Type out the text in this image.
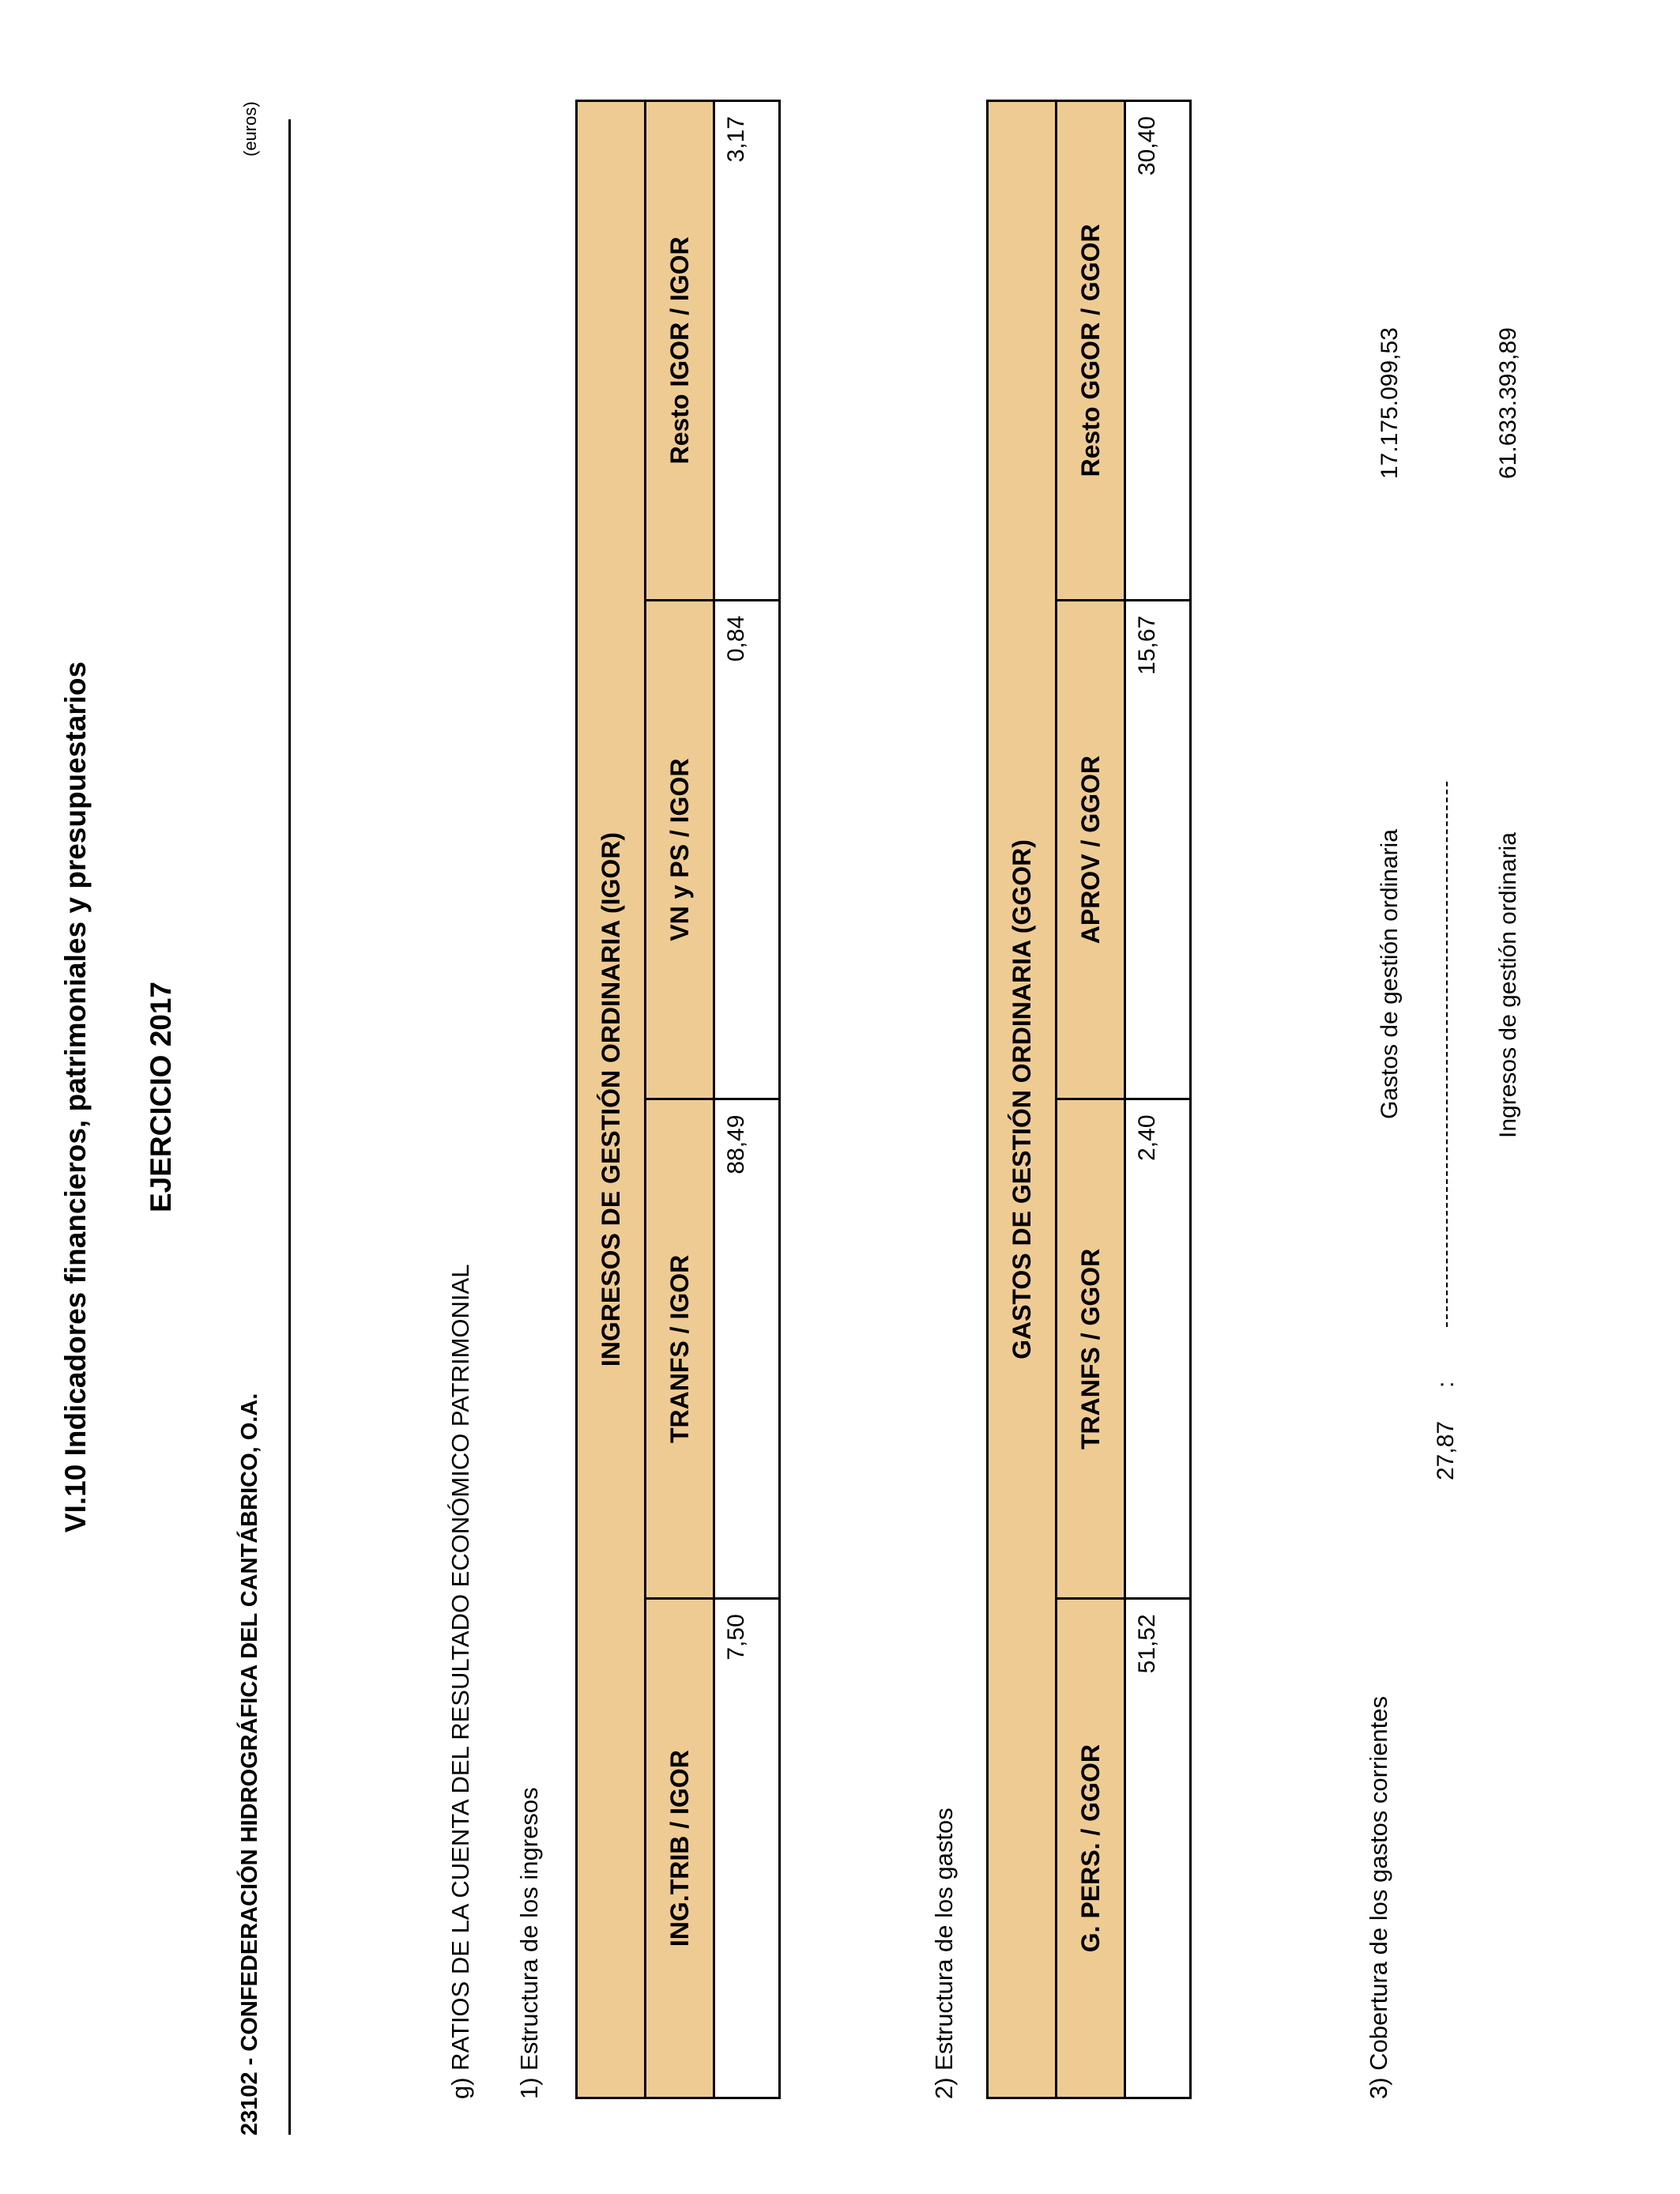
VI.10 Indicadores financieros, patrimoniales y presupuestarios EJERCICIO 2017
23102 - CONFEDERACIÓN HIDROGRÁFICA DEL CANTÁBRICO, O.A.
(euros)
g) RATIOS DE LA CUENTA DEL RESULTADO ECONÓMICO PATRIMONIAL 1) Estructura de los ingresos
INGRESOS DE GESTIÓN ORDINARIA (IGOR)			
ING.TRIB / IGOR	TRANFS / IGOR	VN y PS / IGOR	Resto IGOR / IGOR
7,50	88,49	0,84	3,17
2) Estructura de los gastos
GASTOS DE GESTIÓN ORDINARIA (GGOR)			
G. PERS. / GGOR	TRANFS / GGOR	APROV / GGOR	Resto GGOR / GGOR
51,52	2,40	15,67	30,40
3) Cobertura de los gastos corrientes
27,87
:
Gastos de gestión ordinaria
17.175.099,53
Ingresos de gestión ordinaria
61.633.393,89
